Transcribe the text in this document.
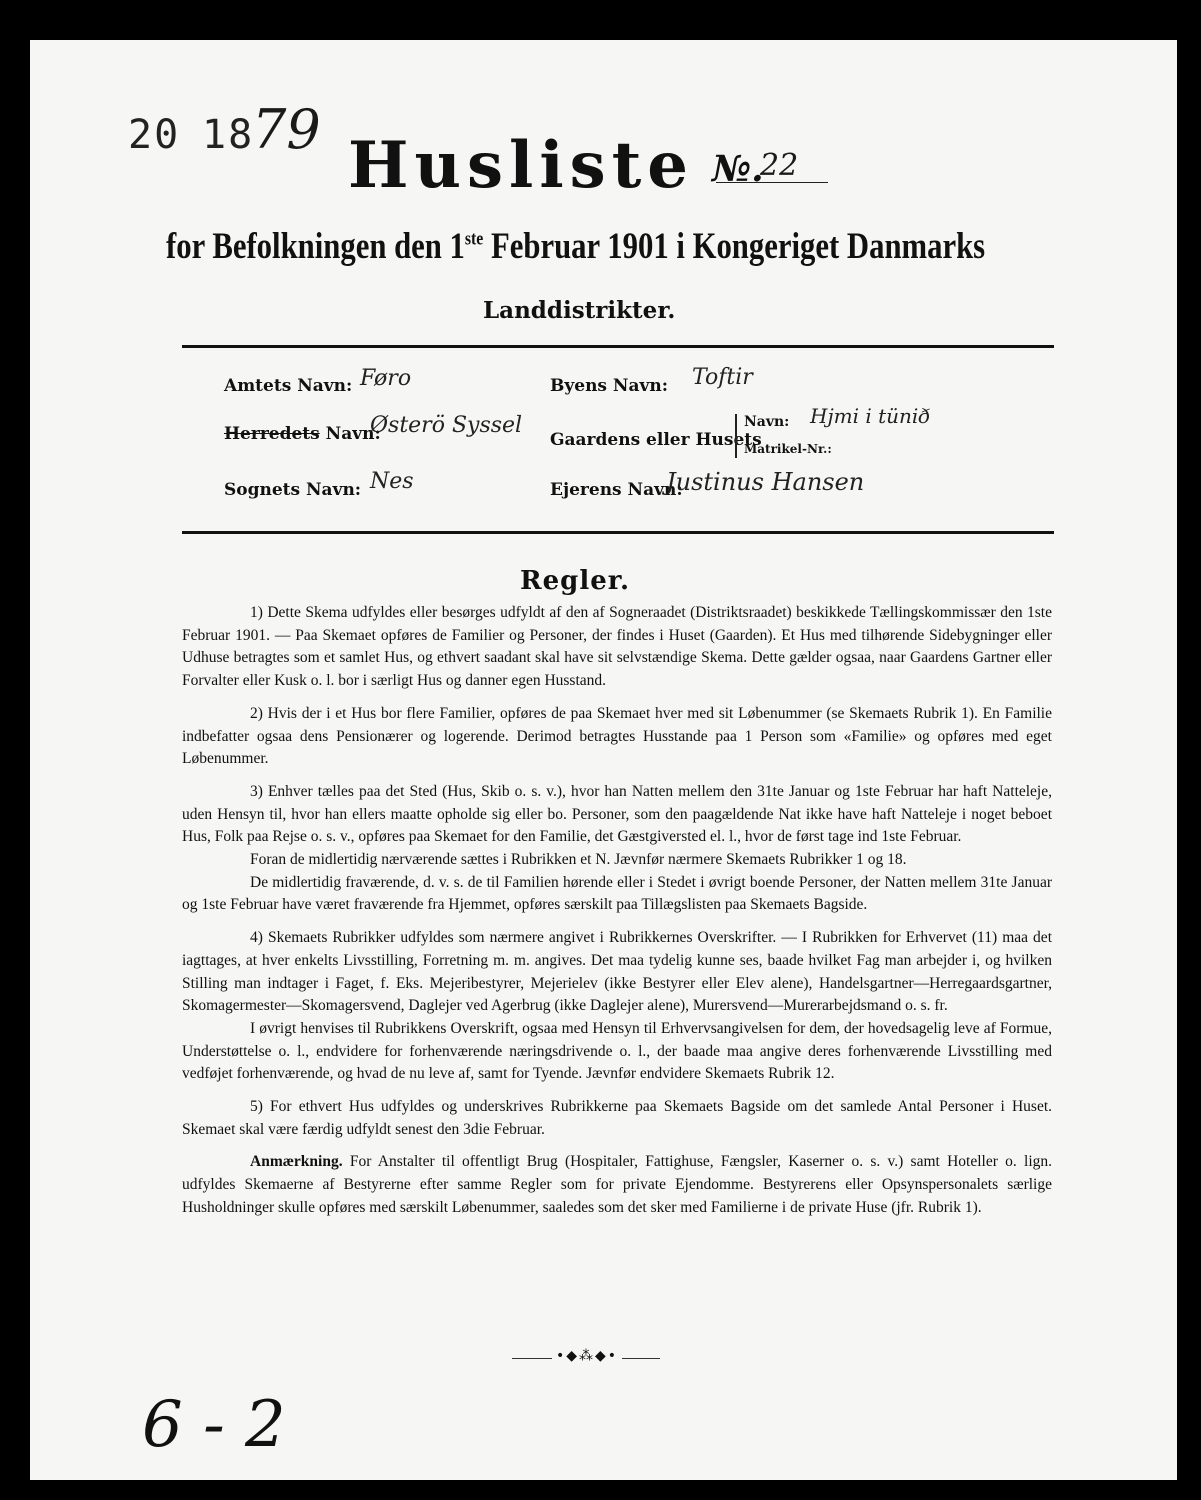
20 18
79 Husliste №.
22
for Befolkningen den 1ste Februar 1901 i Kongeriget Danmarks
Landdistrikter.
Amtets Navn: Føro
Herredets Navn:
Østerö Syssel
Sognets Navn: Nes
Byens Navn: Toftir
Gaardens eller Husets
Navn: Hjmi i tünið
Matrikel-Nr.:
Ejerens Navn:
Justinus Hansen
Regler.

1) Dette Skema udfyldes eller besørges udfyldt af den af Sogneraadet (Distriktsraadet) beskikkede Tællingskommissær den 1ste Februar 1901. — Paa Skemaet opføres de Familier og Personer, der findes i Huset (Gaarden). Et Hus med tilhørende Sidebygninger eller Udhuse betragtes som et samlet Hus, og ethvert saadant skal have sit selvstændige Skema. Dette gælder ogsaa, naar Gaardens Gartner eller Forvalter eller Kusk o. l. bor i særligt Hus og danner egen Husstand.

2) Hvis der i et Hus bor flere Familier, opføres de paa Skemaet hver med sit Løbenummer (se Skemaets Rubrik 1). En Familie indbefatter ogsaa dens Pensionærer og logerende. Derimod betragtes Husstande paa 1 Person som «Familie» og opføres med eget Løbenummer.

3) Enhver tælles paa det Sted (Hus, Skib o. s. v.), hvor han Natten mellem den 31te Januar og 1ste Februar har haft Natteleje, uden Hensyn til, hvor han ellers maatte opholde sig eller bo. Personer, som den paagældende Nat ikke have haft Natteleje i noget beboet Hus, Folk paa Rejse o. s. v., opføres paa Skemaet for den Familie, det Gæstgiversted el. l., hvor de først tage ind 1ste Februar.

Foran de midlertidig nærværende sættes i Rubrikken et N. Jævnfør nærmere Skemaets Rubrikker 1 og 18.

De midlertidig fraværende, d. v. s. de til Familien hørende eller i Stedet i øvrigt boende Personer, der Natten mellem 31te Januar og 1ste Februar have været fraværende fra Hjemmet, opføres særskilt paa Tillægslisten paa Skemaets Bagside.

4) Skemaets Rubrikker udfyldes som nærmere angivet i Rubrikkernes Overskrifter. — I Rubrikken for Erhvervet (11) maa det iagttages, at hver enkelts Livsstilling, Forretning m. m. angives. Det maa tydelig kunne ses, baade hvilket Fag man arbejder i, og hvilken Stilling man indtager i Faget, f. Eks. Mejeribestyrer, Mejerielev (ikke Bestyrer eller Elev alene), Handelsgartner—Herregaardsgartner, Skomagermester—Skomagersvend, Daglejer ved Agerbrug (ikke Daglejer alene), Murersvend—Murerarbejdsmand o. s. fr.

I øvrigt henvises til Rubrikkens Overskrift, ogsaa med Hensyn til Erhvervsangivelsen for dem, der hovedsagelig leve af Formue, Understøttelse o. l., endvidere for forhenværende næringsdrivende o. l., der baade maa angive deres forhenværende Livsstilling med vedføjet forhenværende, og hvad de nu leve af, samt for Tyende. Jævnfør endvidere Skemaets Rubrik 12.

5) For ethvert Hus udfyldes og underskrives Rubrikkerne paa Skemaets Bagside om det samlede Antal Personer i Huset. Skemaet skal være færdig udfyldt senest den 3die Februar.

Anmærkning. For Anstalter til offentligt Brug (Hospitaler, Fattighuse, Fængsler, Kaserner o. s. v.) samt Hoteller o. lign. udfyldes Skemaerne af Bestyrerne efter samme Regler som for private Ejendomme. Bestyrerens eller Opsynspersonalets særlige Husholdninger skulle opføres med særskilt Løbenummer, saaledes som det sker med Familierne i de private Huse (jfr. Rubrik 1).

•◆⁂◆•
6 - 2
